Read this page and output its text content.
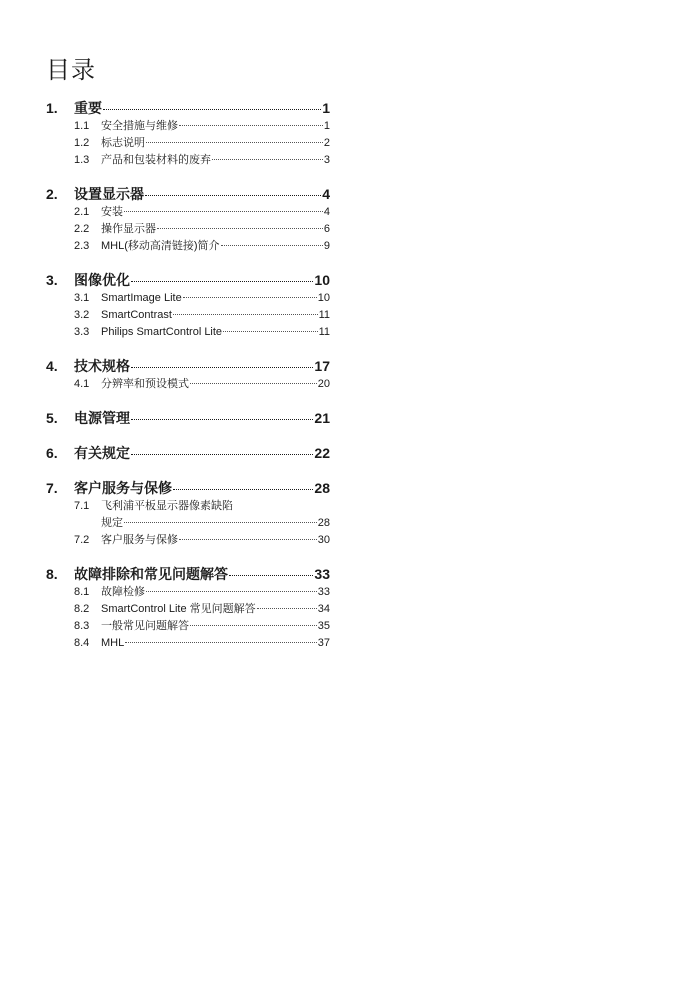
目录
1.	重要	1
1.1	安全措施与维修	1
1.2	标志说明	2
1.3	产品和包装材料的废弃	3
2.	设置显示器	4
2.1	安装	4
2.2	操作显示器	6
2.3	MHL(移动高清链接)简介	9
3.	图像优化	10
3.1	SmartImage Lite	10
3.2	SmartContrast	11
3.3	Philips SmartControl Lite	11
4.	技术规格	17
4.1	分辨率和预设模式	20
5.	电源管理	21
6.	有关规定	22
7.	客户服务与保修	28
7.1	飞利浦平板显示器像素缺陷
规定	28
7.2	客户服务与保修	30
8.	故障排除和常见问题解答	33
8.1	故障检修	33
8.2	SmartControl Lite 常见问题解答	34
8.3	一般常见问题解答	35
8.4	MHL	37
